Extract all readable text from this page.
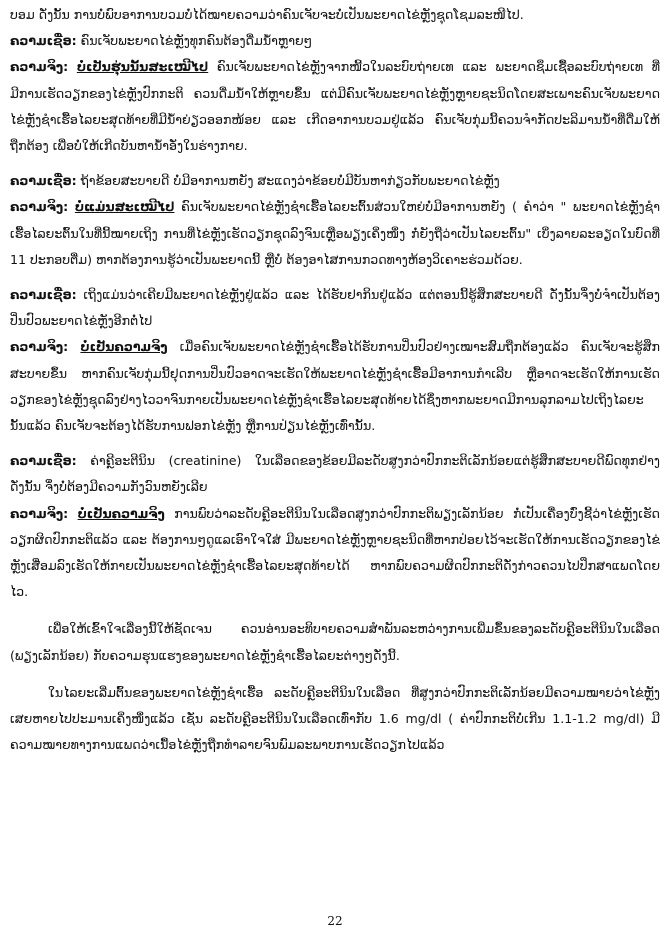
ບອມ ດັ່ງນັ້ນ ການບໍ່ພົບອາການບວມບໍ່ໄດ້ໝາຍຄວາມວ່າຄົນເຈັບຈະບໍ່ເປັນພະຍາດໄຂ່ຫຼັງຊຸດໂຊມລະໜີໄປ.

ຄວາມເຊື່ອ: ຄົນເຈັບພະຍາດໄຂ່ຫຼັງທຸກຄົນຕ້ອງດື່ມນ້ຳຫຼາຍໆ

ຄວາມຈິງ: ບໍ່ເປັນຮຸ່ນນັ້ນສະເໝີໄປ ຄົນເຈັບພະຍາດໄຂ່ຫຼັງຈາກໜີ້ວໃນລະບົບຖ່າຍເທ ແລະ ພະຍາດຊຶມເຊື້ອລະບົບຖ່າຍເທ ທີ່ມີການເຮັດວຽກຂອງໄຂ່ຫຼັງປົກກະຕິ ຄວນດື່ມນ້ຳໃຫ້ຫຼາຍຂຶ້ນ ແຕ່ມີຄົນເຈັບພະຍາດໄຂ່ຫຼັງຫຼາຍຊະນິດໂດຍສະເພາະຄົນເຈັບພະຍາດໄຂ່ຫຼັງຊຳເຮື້ອໄລຍະສຸດທ້າຍທີ່ມີນ້ຳຍ່ຽວອອກໜ້ອຍ ແລະ ເກີດອາການບວມຢູ່ແລ້ວ ຄົນເຈັບກຸ່ມນີ້ຄວນຈຳກັດປະລິມານນ້ຳທີ່ດື່ມໃຫ້ຖືກຕ້ອງ ເພື່ອບໍ່ໃຫ້ເກີດບັນຫານ້ຳອັ່ງໃນຮ່າງກາຍ.

ຄວາມເຊື່ອ: ຖ້າຂ້ອຍສະບາຍດີ ບໍ່ມີອາການຫຍັງ ສະແດງວ່າຂ້ອຍບໍ່ມີບັນຫາກ່ຽວກັບພະຍາດໄຂ່ຫຼັງ

ຄວາມຈິງ: ບໍ່ແມ່ນສະເໝີໄປ ຄົນເຈັບພະຍາດໄຂ່ຫຼັງຊຳເຮື້ອໄລຍະຕົ້ນສ່ວນໃຫຍ່ບໍ່ມີອາການຫຍັງ ( ຄຳວ່າ " ພະຍາດໄຂ່ຫຼັງຊຳເຮື້ອໄລຍະຕົ້ນໃນທີ່ນີ້ໝາຍເຖິງ ການທີ່ໄຂ່ຫຼັງເຮັດວຽກຊຸດລົງຈົນເຫຼືອພຽງເຄິ່ງໜຶ່ງ ກໍ່ຍັງຖືວ່າເປັນໄລຍະຕົ້ນ" ເບິ່ງລາຍລະອຽດໃນບົດທີ່ 11 ປະກອບຕື່ມ) ຫາກຕ້ອງການຮູ້ວ່າເປັນພະຍາດນີ້ ຫຼືບໍ່ ຕ້ອງອາໄສການກວດທາງຫ້ອງວິເຄາະຮ່ວມດ້ວຍ.

ຄວາມເຊື່ອ: ເຖິງແມ່ນວ່າເຄີຍມີພະຍາດໄຂ່ຫຼັງຢູ່ແລ້ວ ແລະ ໄດ້ຮັບຢາກິນຢູ່ແລ້ວ ແຕ່ຕອນນີ້ຮູ້ສຶກສະບາຍດີ ດັ່ງນັ້ນຈຶ່ງບໍ່ຈຳເປັນຕ້ອງປິ່ນປົວພະຍາດໄຂ່ຫຼັງອີກຕໍ່ໄປ

ຄວາມຈິງ: ບໍ່ເປັນຄວາມຈິງ ເມື່ອຄົນເຈັບພະຍາດໄຂ່ຫຼັງຊຳເຮື້ອໄດ້ຮັບການປິ່ນປົວຢ່າງເໝາະສົມຖືກຕ້ອງແລ້ວ ຄົນເຈັບຈະຮູ້ສຶກສະບາຍຂຶ້ນ ຫາກຄົນເຈັບກຸ່ມນີ້ຢຸດການປິ່ນປົວອາດຈະເຮັດໃຫ້ພະຍາດໄຂ່ຫຼັງຊຳເຮື້ອມີອາການກຳເລີບ ຫຼືອາດຈະເຮັດໃຫ້ການເຮັດວຽກຂອງໄຂ່ຫຼັງຊຸດລົງຢ່າງໄວວາຈົນກາຍເປັນພະຍາດໄຂ່ຫຼັງຊຳເຮື້ອໄລຍະສຸດທ້າຍໄດ້ຊຶ່ງຫາກພະຍາດມີການລຸກລາມໄປເຖິງໄລຍະນັ້ນແລ້ວ ຄົນເຈັບຈະຕ້ອງໄດ້ຮັບການຟອກໄຂ່ຫຼັງ ຫຼືການປ່ຽນໄຂ່ຫຼັງເທົ່ານັ້ນ.

ຄວາມເຊື່ອ: ຄ່າຄຼີອະຕີນິນ (creatinine) ໃນເລືອດຂອງຂ້ອຍມີລະດັບສູງກວ່າປົກກະຕິເລັກນ້ອຍແຕ່ຮູ້ສຶກສະບາຍດີພົດທຸກຢ່າງ ດັ່ງນັ້ນ ຈຶ່ງບໍ່ຕ້ອງມີຄວາມກັງວົນຫຍັງເລີຍ

ຄວາມຈິງ: ບໍ່ເປັນຄວາມຈິງ ການພົບວ່າລະດັບຄຼີອະຕີນິນໃນເລືອດສູງກວ່າປົກກະຕິພຽງເລັກນ້ອຍ ກໍ່ເປັນເຄື່ອງບົ່ງຊີ້ວ່າໄຂ່ຫຼັງເຮັດວຽກຜິດປົກກະຕິແລ້ວ ແລະ ຕ້ອງການໆດູແລເອົາໃຈໃສ່ ມີພະຍາດໄຂ່ຫຼັງຫຼາຍຊະນິດທີ່ຫາກປ່ອຍໄວ້ຈະເຮັດໃຫ້ການເຮັດວຽກຂອງໄຂ່ຫຼັງເສື່ອມລົງເຮັດໃຫ້ກາຍເປັນພະຍາດໄຂ່ຫຼັງຊຳເຮື້ອໄລຍະສຸດທ້າຍໄດ້ ຫາກພົບຄວາມຜິດປົກກະຕິດັ່ງກ່າວຄວນໄປປຶກສາແພດໂດຍໄວ.

ເພື່ອໃຫ້ເຂົ້າໃຈເລື່ອງນີ້ໃຫ້ຊັດເຈນ ຄວນອ່ານອະທິບາຍຄວາມສຳພັນລະຫວ່າງການເພີ່ມຂຶ້ນຂອງລະດັບຄຼີອະຕີນິນໃນເລືອດ (ພຽງເລັກນ້ອຍ) ກັບຄວາມຮຸນແຮງຂອງພະຍາດໄຂ່ຫຼັງຊຳເຮື້ອໄລຍະຕ່າງໆດັ່ງນີ້.

ໃນໄລຍະເລີ່ມຕົ້ນຂອງພະຍາດໄຂ່ຫຼັງຊຳເຮື້ອ ລະດັບຄຼີອະຕີນິນໃນເລືອດ ທີ່ສູງກວ່າປົກກະຕິເລັກນ້ອຍມີຄວາມໝາຍວ່າໄຂ່ຫຼັງເສຍຫາຍໄປປະມານເຄິ່ງໜຶ່ງແລ້ວ ເຊັ່ນ ລະດັບຄຼີອະຕີນິນໃນເລືອດເທົ່າກັບ 1.6 mg/dl ( ຄ່າປົກກະຕິບໍ່ເກີນ 1.1-1.2 mg/dl) ມີຄວາມໝາຍທາງການແພດວ່າເນື້ອໄຂ່ຫຼັງຖືກທຳລາຍຈົນພົມລະພາບການເຮັດວຽກໄປແລ້ວ

22
